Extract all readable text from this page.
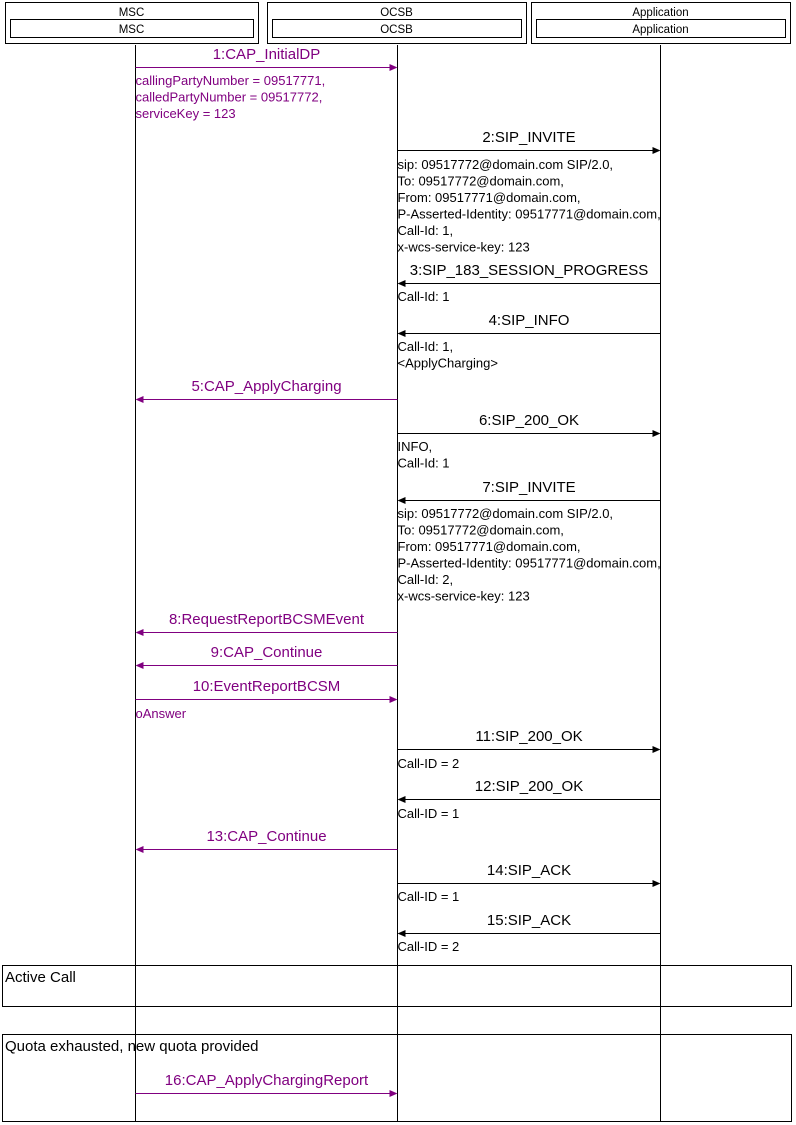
Active Call
Quota exhausted, new quota provided
MSC
MSC
OCSB
OCSB
Application
Application
1:CAP_InitialDP
callingPartyNumber = 09517771, calledPartyNumber = 09517772, serviceKey = 123
2:SIP_INVITE
sip: 09517772@domain.com SIP/2.0, To: 09517772@domain.com, From: 09517771@domain.com, P-Asserted-Identity: 09517771@domain.com, Call-Id: 1, x-wcs-service-key: 123
3:SIP_183_SESSION_PROGRESS
Call-Id: 1
4:SIP_INFO
Call-Id: 1, <ApplyCharging>
5:CAP_ApplyCharging
6:SIP_200_OK
INFO, Call-Id: 1
7:SIP_INVITE
sip: 09517772@domain.com SIP/2.0, To: 09517772@domain.com, From: 09517771@domain.com, P-Asserted-Identity: 09517771@domain.com, Call-Id: 2, x-wcs-service-key: 123
8:RequestReportBCSMEvent
9:CAP_Continue
10:EventReportBCSM
oAnswer
11:SIP_200_OK
Call-ID = 2
12:SIP_200_OK
Call-ID = 1
13:CAP_Continue
14:SIP_ACK
Call-ID = 1
15:SIP_ACK
Call-ID = 2
16:CAP_ApplyChargingReport
